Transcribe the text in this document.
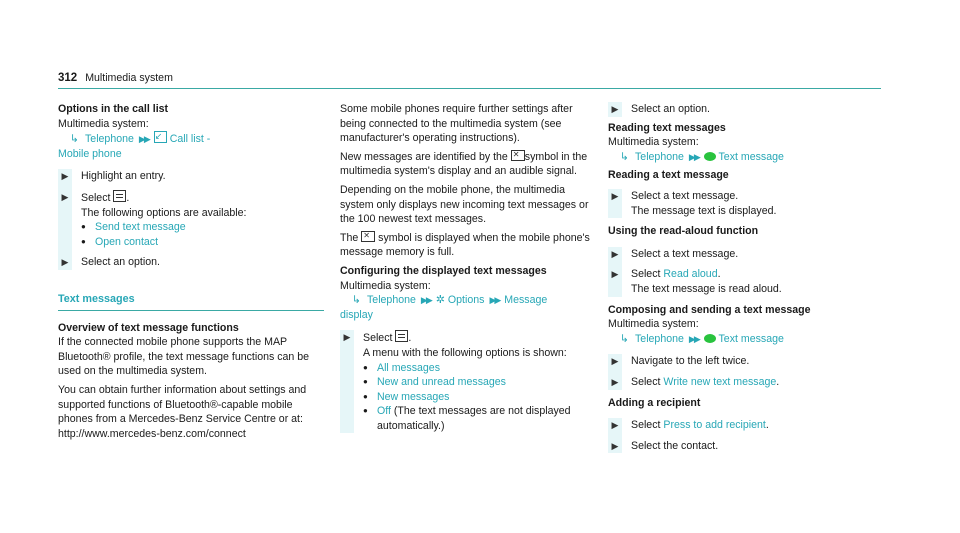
312 Multimedia system

Options in the call list

Multimedia system:

↳ Telephone ▶▶ ↙ Call list -

Mobile phone

▶	Highlight an entry.
▶	Select .
The following options are available:
● Send text message
● Open contact
▶	Select an option.
Text messages

Overview of text message functions

If the connected mobile phone supports the MAP Bluetooth® profile, the text message functions can be used on the multimedia system.

You can obtain further information about settings and supported functions of Bluetooth®-capable mobile phones from a Mercedes-Benz Service Centre or at: http://www.mercedes-benz.com/connect

Some mobile phones require further settings after being connected to the multimedia system (see manufacturer's operating instructions).

New messages are identified by the ✕ symbol in the multimedia system's display and an audible signal.

Depending on the mobile phone, the multimedia system only displays new incoming text messages or the 100 newest text messages.

The ✕ symbol is displayed when the mobile phone's message memory is full.

Configuring the displayed text messages

Multimedia system:

↳ Telephone ▶▶ ✲ Options ▶▶ Message

display

▶	Select .
A menu with the following options is shown:
● All messages
● New and unread messages
● New messages
● Off (The text messages are not displayed automatically.)
▶	Select an option.

Reading text messages

Multimedia system:

↳ Telephone ▶▶ Text message

Reading a text message

▶	Select a text message.
The message text is displayed.

Using the read-aloud function

▶	Select a text message.
▶	Select Read aloud.
The text message is read aloud.

Composing and sending a text message

Multimedia system:

↳ Telephone ▶▶ Text message
▶	Navigate to the left twice.
▶	Select Write new text message.

Adding a recipient

▶	Select Press to add recipient.
▶	Select the contact.
